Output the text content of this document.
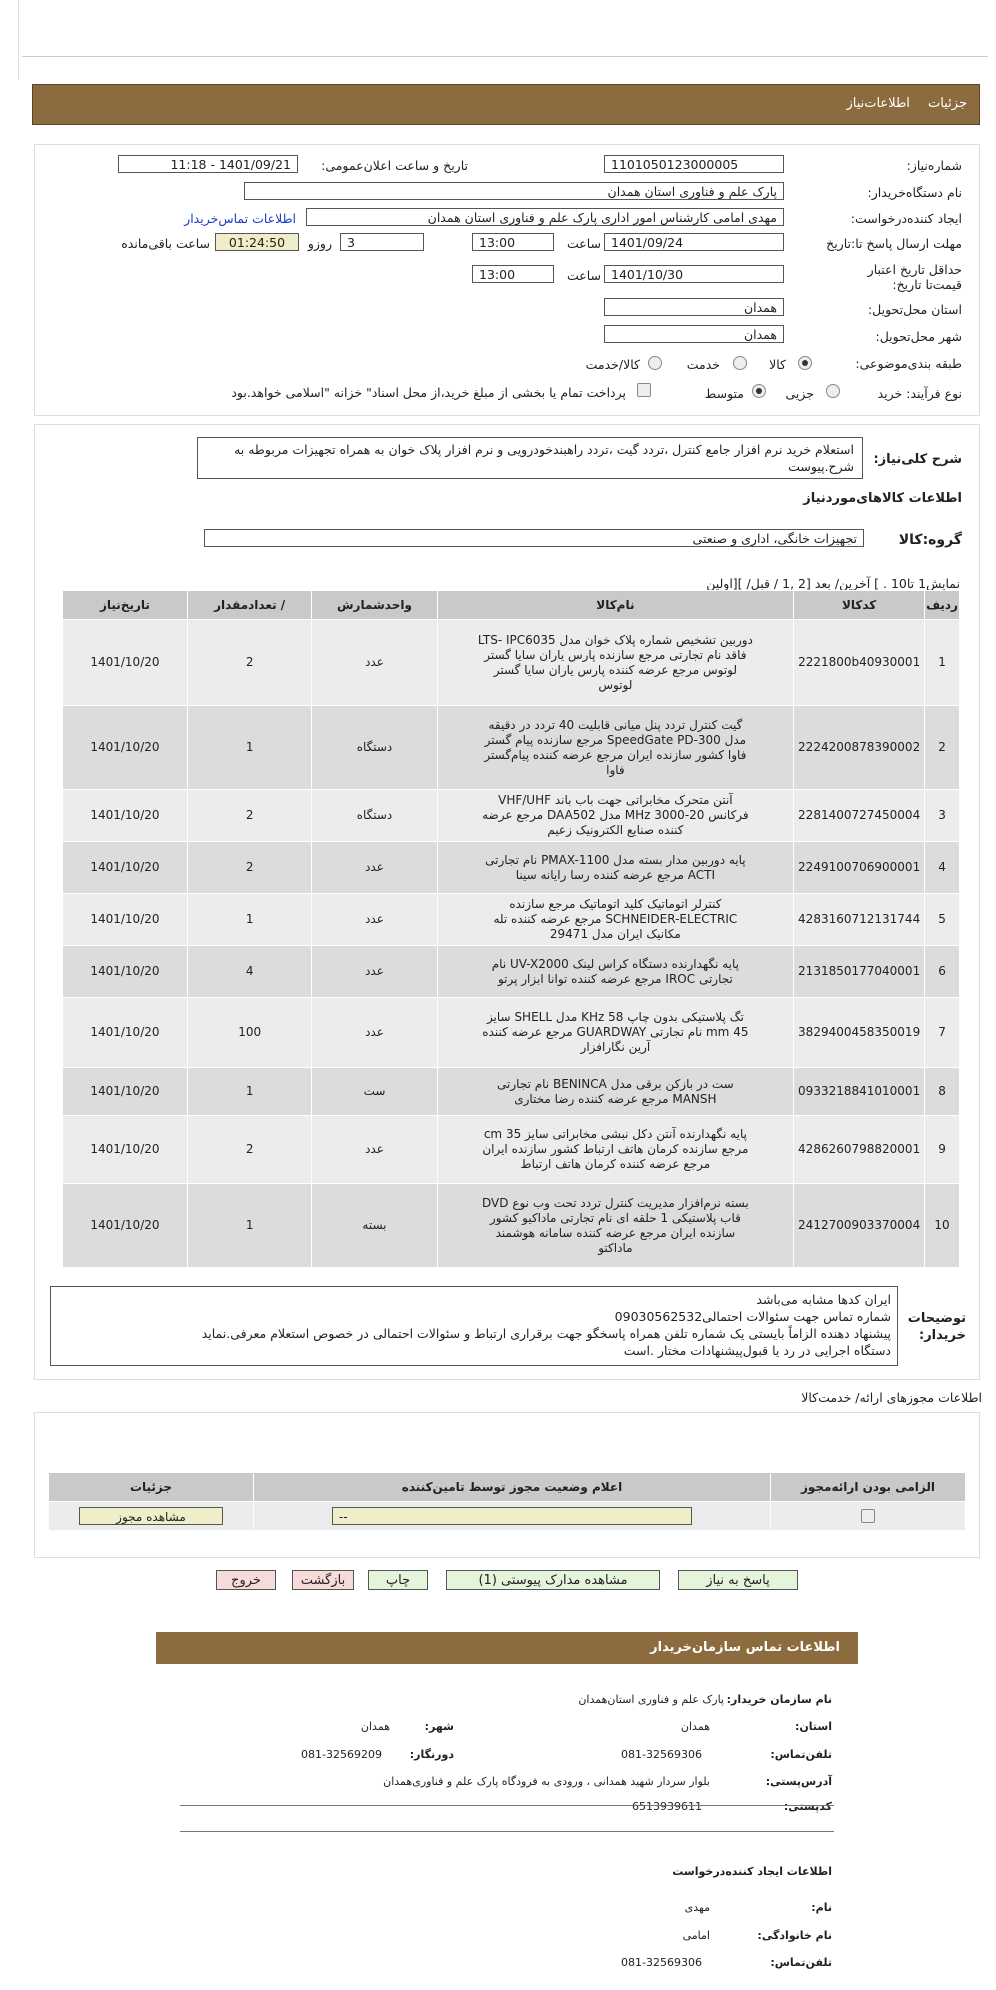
جزئیات اطلاعات‌نیاز
شماره‌نیاز:
1101050123000005
تاریخ و ساعت اعلان‌عمومی:
1401/09/21 - 11:18
نام دستگاه‌خریدار:
پارک علم و فناوری استان همدان
ایجاد کننده‌درخواست:
مهدی امامی کارشناس امور اداری پارک علم و فناوری استان همدان
اطلاعات تماس‌خریدار
مهلت ارسال پاسخ تا:تاریخ
1401/09/24
ساعت
13:00
3
روزو
01:24:50
ساعت باقی‌مانده
حداقل تاریخ اعتبار قیمت‌تا تاریخ:
1401/10/30
ساعت
13:00
استان محل‌تحویل:
همدان
شهر محل‌تحویل:
همدان
طبقه بندی‌موضوعی:
کالا
خدمت
کالا/خدمت
نوع فرآیند: خرید
جزیی
متوسط
پرداخت تمام یا بخشی از مبلغ خرید،از محل اسناد" خزانه "اسلامی خواهد.بود
شرح کلی‌نیاز:
استعلام خرید نرم افزار جامع کنترل ،تردد گیت ،تردد راهبندخودرویی و نرم افزار پلاک خوان به همراه تجهیزات مربوطه به شرح.پیوست
اطلاعات کالاهای‌موردنیاز
گروه:کالا
تجهیزات خانگی، اداری و صنعتی
نمایش1 تا10 . ] آخرین/ بعد [2 ,1 / قبل/ ][اولین
ردیف	کدکالا	نام‌کالا	واحدشمارش	/ تعدادمقدار	تاریخ‌نیاز
1	2221800b40930001	دوربین تشخیص شماره پلاک خوان مدل LTS- IPC6035 فاقد نام تجارتی مرجع سازنده پارس یاران سایا گستر لوتوس مرجع عرضه کننده پارس یاران سایا گستر لوتوس	عدد	2	1401/10/20
2	2224200878390002	گیت کنترل تردد پنل میانی قابلیت 40 تردد در دقیقه مدل SpeedGate PD-300 مرجع سازنده پیام گستر فاوا کشور سازنده ایران مرجع عرضه کننده پیام‌گستر فاوا	دستگاه	1	1401/10/20
3	2281400727450004	آنتن متحرک مخابراتی جهت باب باند VHF/UHF فرکانس 20-3000 MHz مدل DAA502 مرجع عرضه کننده صنایع الکترونیک زعیم	دستگاه	2	1401/10/20
4	2249100706900001	پایه دوربین مدار بسته مدل PMAX-1100 نام تجارتی ACTI مرجع عرضه کننده رسا رایانه سینا	عدد	2	1401/10/20
5	4283160712131744	کنترلر اتوماتیک کلید اتوماتیک مرجع سازنده SCHNEIDER-ELECTRIC مرجع عرضه کننده تله مکانیک ایران مدل 29471	عدد	1	1401/10/20
6	2131850177040001	پایه نگهدارنده دستگاه کراس لینک UV-X2000 نام تجارتی IROC مرجع عرضه کننده توانا ابزار پرتو	عدد	4	1401/10/20
7	3829400458350019	تگ پلاستیکی بدون چاپ 58 KHz مدل SHELL سایز 45 mm نام تجارتی GUARDWAY مرجع عرضه کننده آرین نگارافزار	عدد	100	1401/10/20
8	0933218841010001	ست در بازکن برقی مدل BENINCA نام تجارتی MANSH مرجع عرضه کننده رضا مختاری	ست	1	1401/10/20
9	4286260798820001	پایه نگهدارنده آنتن دکل نبشی مخابراتی سایز 35 cm مرجع سازنده کرمان هاتف ارتباط کشور سازنده ایران مرجع عرضه کننده کرمان هاتف ارتباط	عدد	2	1401/10/20
10	2412700903370004	بسته نرم‌افزار مدیریت کنترل تردد تحت وب نوع DVD قاب پلاستیکی 1 حلقه ای نام تجارتی ماداکیو کشور سازنده ایران مرجع عرضه کننده سامانه هوشمند ماداکتو	بسته	1	1401/10/20
توضیحات خریدار:
ایران کدها مشابه می‌باشد
شماره تماس جهت سئوالات احتمالی09030562532
پیشنهاد دهنده الزاماً بایستی یک شماره تلفن همراه پاسخگو جهت برقراری ارتباط و سئوالات احتمالی در خصوص استعلام معرفی.نماید
دستگاه اجرایی در رد یا قبول‌پیشنهادات مختار .است
اطلاعات مجوزهای ارائه/ خدمت‌کالا
الزامی بودن ارائه‌مجوز	اعلام وضعیت مجوز توسط تامین‌کننده	جزئیات

	--	مشاهده مجوز
پاسخ به نیاز
مشاهده مدارک پیوستی (1)
چاپ
بازگشت
خروج
اطلاعات تماس سازمان‌خریدار
نام سازمان‌ خریدار:
پارک علم و فناوری استان‌همدان
استان:
همدان
شهر:
همدان
تلفن‌تماس:
081-32569306
دورنگار:
081-32569209
آدرس‌پستی:
بلوار سردار شهید همدانی ، ورودی به فرودگاه پارک علم و فناوری‌همدان
کد‌پستی:
6513939611
اطلاعات ایجاد کننده‌درخواست
نام:
مهدی
نام خانوادگی:
امامی
تلفن‌تماس:
081-32569306
